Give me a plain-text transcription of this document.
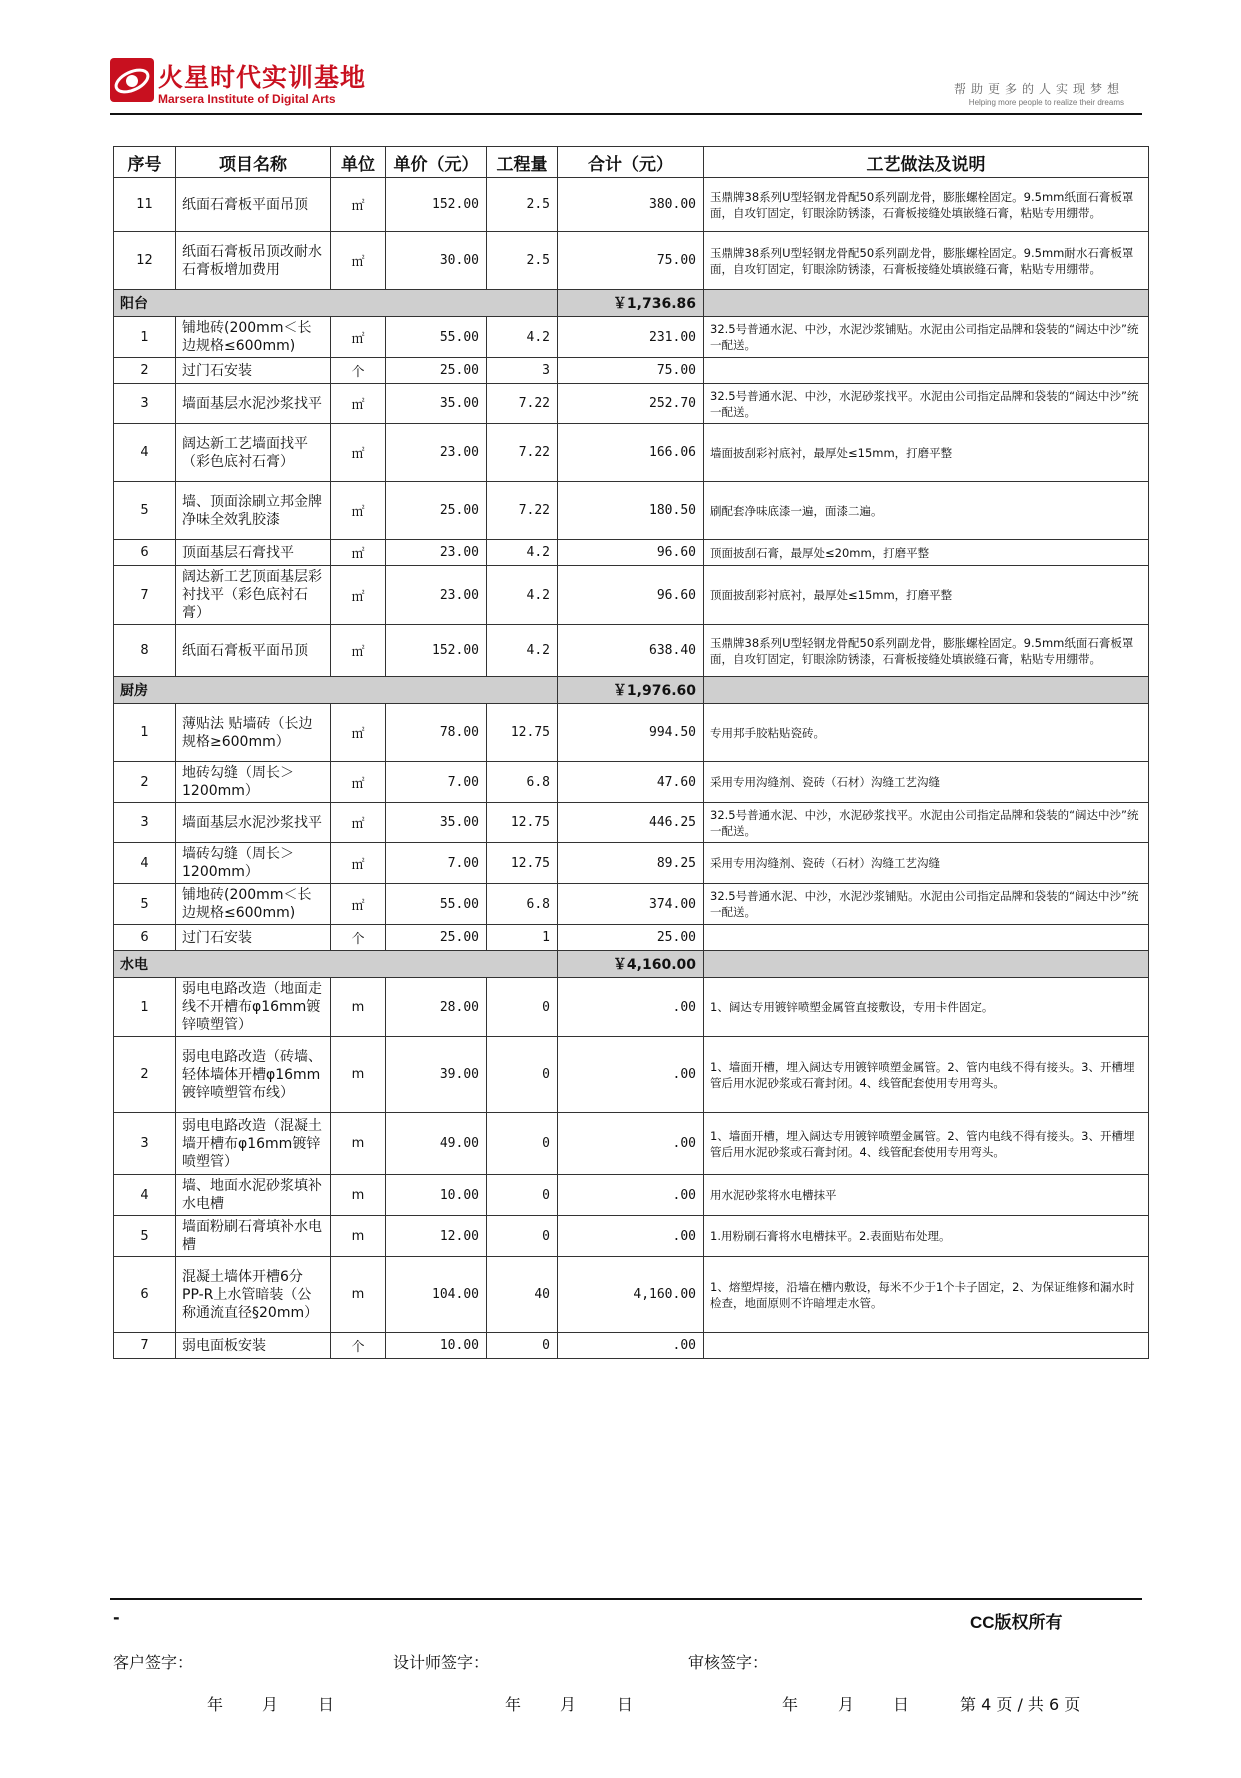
火星时代实训基地
Marsera Institute of Digital Arts
帮助更多的人实现梦想
Helping more people to realize their dreams
序号	项目名称	单位	单价（元）	工程量	合计（元）	工艺做法及说明
11	纸面石膏板平面吊顶	㎡	152.00	2.5	380.00	玉鼎牌38系列U型轻钢龙骨配50系列副龙骨，膨胀螺栓固定。9.5mm纸面石膏板罩面，自攻钉固定，钉眼涂防锈漆，石膏板接缝处填嵌缝石膏，粘贴专用绷带。
12	纸面石膏板吊顶改耐水石膏板增加费用	㎡	30.00	2.5	75.00	玉鼎牌38系列U型轻钢龙骨配50系列副龙骨，膨胀螺栓固定。9.5mm耐水石膏板罩面，自攻钉固定，钉眼涂防锈漆，石膏板接缝处填嵌缝石膏，粘贴专用绷带。
阳台					￥1,736.86	
1	铺地砖(200mm＜长边规格≤600mm)	㎡	55.00	4.2	231.00	32.5号普通水泥、中沙，水泥沙浆铺贴。水泥由公司指定品牌和袋装的“阔达中沙”统一配送。
2	过门石安装	个	25.00	3	75.00	
3	墙面基层水泥沙浆找平	㎡	35.00	7.22	252.70	32.5号普通水泥、中沙，水泥砂浆找平。水泥由公司指定品牌和袋装的“阔达中沙”统一配送。
4	阔达新工艺墙面找平（彩色底衬石膏）	㎡	23.00	7.22	166.06	墙面披刮彩衬底衬，最厚处≤15mm，打磨平整
5	墙、顶面涂刷立邦金牌净味全效乳胶漆	㎡	25.00	7.22	180.50	刷配套净味底漆一遍，面漆二遍。
6	顶面基层石膏找平	㎡	23.00	4.2	96.60	顶面披刮石膏，最厚处≤20mm，打磨平整
7	阔达新工艺顶面基层彩衬找平（彩色底衬石膏）	㎡	23.00	4.2	96.60	顶面披刮彩衬底衬，最厚处≤15mm，打磨平整
8	纸面石膏板平面吊顶	㎡	152.00	4.2	638.40	玉鼎牌38系列U型轻钢龙骨配50系列副龙骨，膨胀螺栓固定。9.5mm纸面石膏板罩面，自攻钉固定，钉眼涂防锈漆，石膏板接缝处填嵌缝石膏，粘贴专用绷带。
厨房					￥1,976.60	
1	薄贴法 贴墙砖（长边规格≥600mm）	㎡	78.00	12.75	994.50	专用邦手胶粘贴瓷砖。
2	地砖勾缝（周长＞1200mm）	㎡	7.00	6.8	47.60	采用专用沟缝剂、瓷砖（石材）沟缝工艺沟缝
3	墙面基层水泥沙浆找平	㎡	35.00	12.75	446.25	32.5号普通水泥、中沙，水泥砂浆找平。水泥由公司指定品牌和袋装的“阔达中沙”统一配送。
4	墙砖勾缝（周长＞1200mm）	㎡	7.00	12.75	89.25	采用专用沟缝剂、瓷砖（石材）沟缝工艺沟缝
5	铺地砖(200mm＜长边规格≤600mm)	㎡	55.00	6.8	374.00	32.5号普通水泥、中沙，水泥沙浆铺贴。水泥由公司指定品牌和袋装的“阔达中沙”统一配送。
6	过门石安装	个	25.00	1	25.00	
水电					￥4,160.00	
1	弱电电路改造（地面走线不开槽布φ16mm镀锌喷塑管）	m	28.00	0	.00	1、阔达专用镀锌喷塑金属管直接敷设，专用卡件固定。
2	弱电电路改造（砖墙、轻体墙体开槽φ16mm镀锌喷塑管布线）	m	39.00	0	.00	1、墙面开槽，埋入阔达专用镀锌喷塑金属管。2、管内电线不得有接头。3、开槽埋管后用水泥砂浆或石膏封闭。4、线管配套使用专用弯头。
3	弱电电路改造（混凝土墙开槽布φ16mm镀锌喷塑管）	m	49.00	0	.00	1、墙面开槽，埋入阔达专用镀锌喷塑金属管。2、管内电线不得有接头。3、开槽埋管后用水泥砂浆或石膏封闭。4、线管配套使用专用弯头。
4	墙、地面水泥砂浆填补水电槽	m	10.00	0	.00	用水泥砂浆将水电槽抹平
5	墙面粉刷石膏填补水电槽	m	12.00	0	.00	1.用粉刷石膏将水电槽抹平。2.表面贴布处理。
6	混凝土墙体开槽6分PP-R上水管暗装（公称通流直径§20mm）	m	104.00	40	4,160.00	1、熔塑焊接，沿墙在槽内敷设，每米不少于1个卡子固定，2、为保证维修和漏水时检查，地面原则不许暗埋走水管。
7	弱电面板安装	个	10.00	0	.00	
-	CC版权所有
客户签字：	设计师签字：	审核签字：
年 月 日	年 月	日	年 月 日	第 4 页 / 共 6 页
